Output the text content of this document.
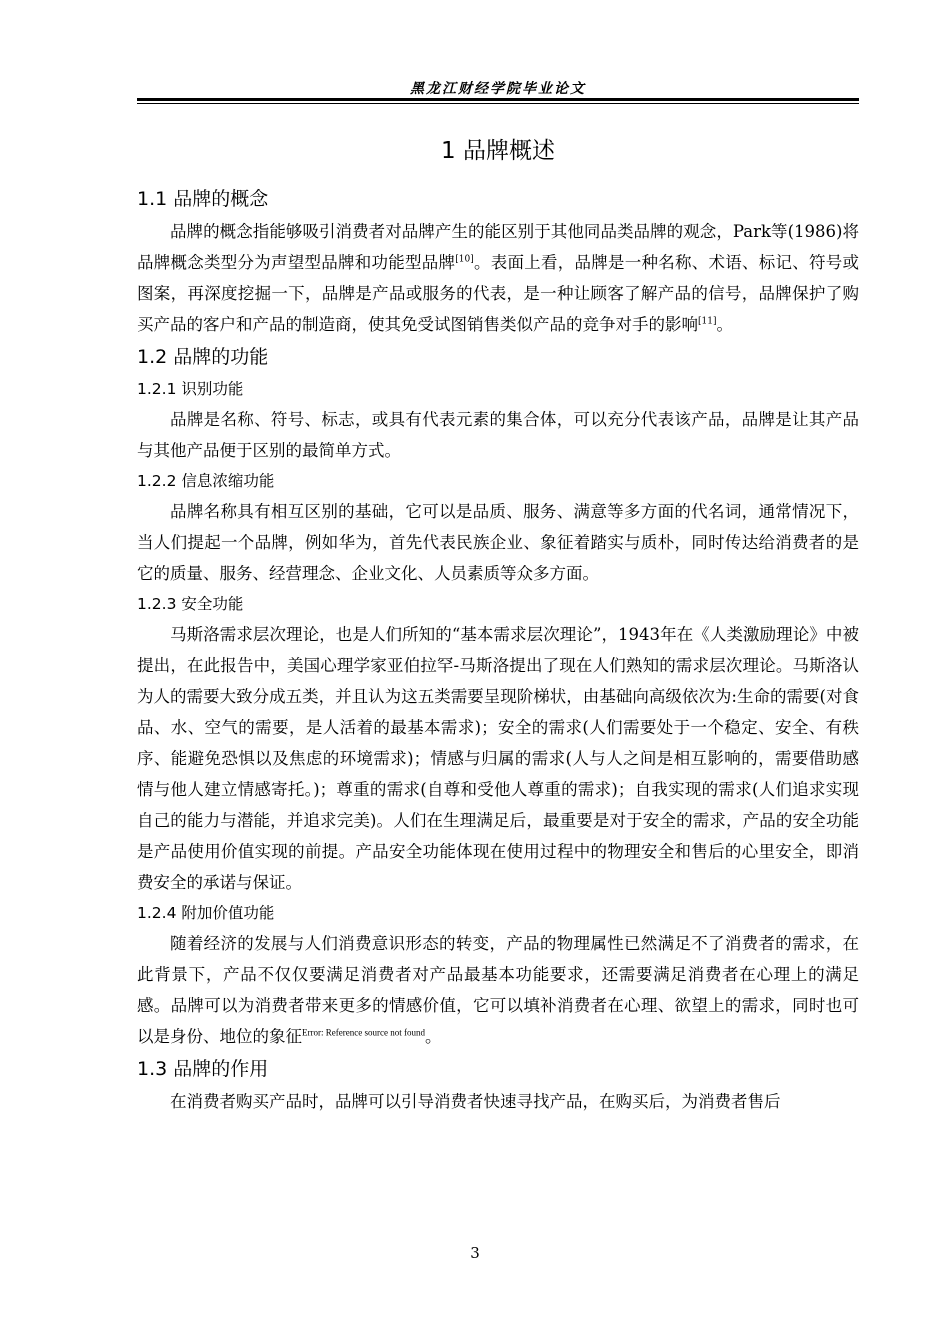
黑龙江财经学院毕业论文
1 品牌概述
1.1 品牌的概念

品牌的概念指能够吸引消费者对品牌产生的能区别于其他同品类品牌的观念，Park等(1986)将品牌概念类型分为声望型品牌和功能型品牌[10]。表面上看，品牌是一种名称、术语、标记、符号或图案，再深度挖掘一下，品牌是产品或服务的代表，是一种让顾客了解产品的信号，品牌保护了购买产品的客户和产品的制造商，使其免受试图销售类似产品的竞争对手的影响[11]。

1.2 品牌的功能
1.2.1 识别功能

品牌是名称、符号、标志，或具有代表元素的集合体，可以充分代表该产品，品牌是让其产品与其他产品便于区别的最简单方式。

1.2.2 信息浓缩功能

品牌名称具有相互区别的基础，它可以是品质、服务、满意等多方面的代名词，通常情况下，当人们提起一个品牌，例如华为，首先代表民族企业、象征着踏实与质朴，同时传达给消费者的是它的质量、服务、经营理念、企业文化、人员素质等众多方面。

1.2.3 安全功能

马斯洛需求层次理论，也是人们所知的“基本需求层次理论”，1943年在《人类激励理论》中被提出，在此报告中，美国心理学家亚伯拉罕-马斯洛提出了现在人们熟知的需求层次理论。马斯洛认为人的需要大致分成五类，并且认为这五类需要呈现阶梯状，由基础向高级依次为:生命的需要(对食品、水、空气的需要，是人活着的最基本需求)；安全的需求(人们需要处于一个稳定、安全、有秩序、能避免恐惧以及焦虑的环境需求)；情感与归属的需求(人与人之间是相互影响的，需要借助感情与他人建立情感寄托。)；尊重的需求(自尊和受他人尊重的需求)；自我实现的需求(人们追求实现自己的能力与潜能，并追求完美)。人们在生理满足后，最重要是对于安全的需求，产品的安全功能是产品使用价值实现的前提。产品安全功能体现在使用过程中的物理安全和售后的心里安全，即消费安全的承诺与保证。

1.2.4 附加价值功能

随着经济的发展与人们消费意识形态的转变，产品的物理属性已然满足不了消费者的需求，在此背景下，产品不仅仅要满足消费者对产品最基本功能要求，还需要满足消费者在心理上的满足感。品牌可以为消费者带来更多的情感价值，它可以填补消费者在心理、欲望上的需求，同时也可以是身份、地位的象征$^{Error: Reference source not found}$。

1.3 品牌的作用

在消费者购买产品时，品牌可以引导消费者快速寻找产品，在购买后，为消费者售后

3
